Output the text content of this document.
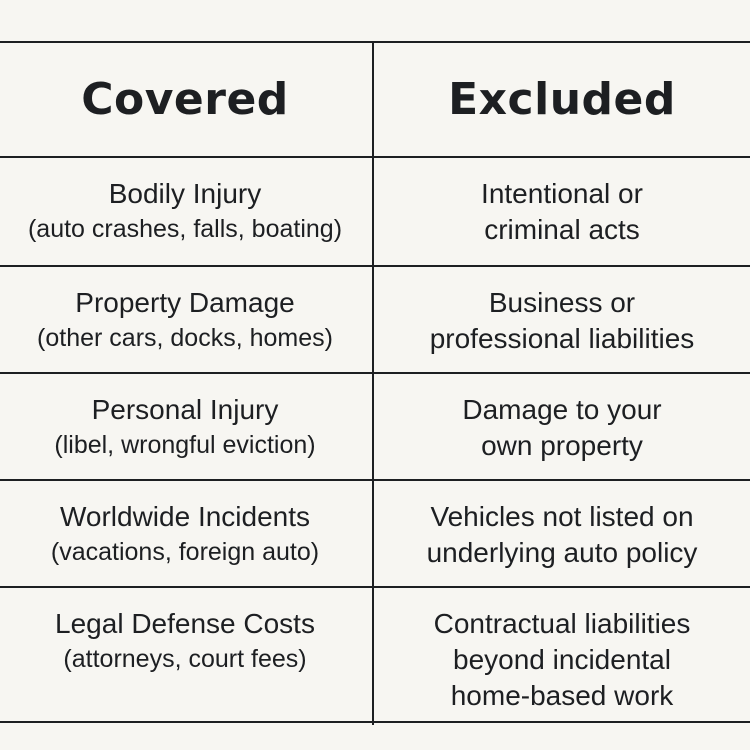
Covered	Excluded
Bodily Injury
(auto crashes, falls, boating)
Intentional or
criminal acts
Property Damage
(other cars, docks, homes)
Business or
professional liabilities
Personal Injury
(libel, wrongful eviction)
Damage to your
own property
Worldwide Incidents
(vacations, foreign auto)
Vehicles not listed on
underlying auto policy
Legal Defense Costs
(attorneys, court fees)
Contractual liabilities
beyond incidental
home-based work
